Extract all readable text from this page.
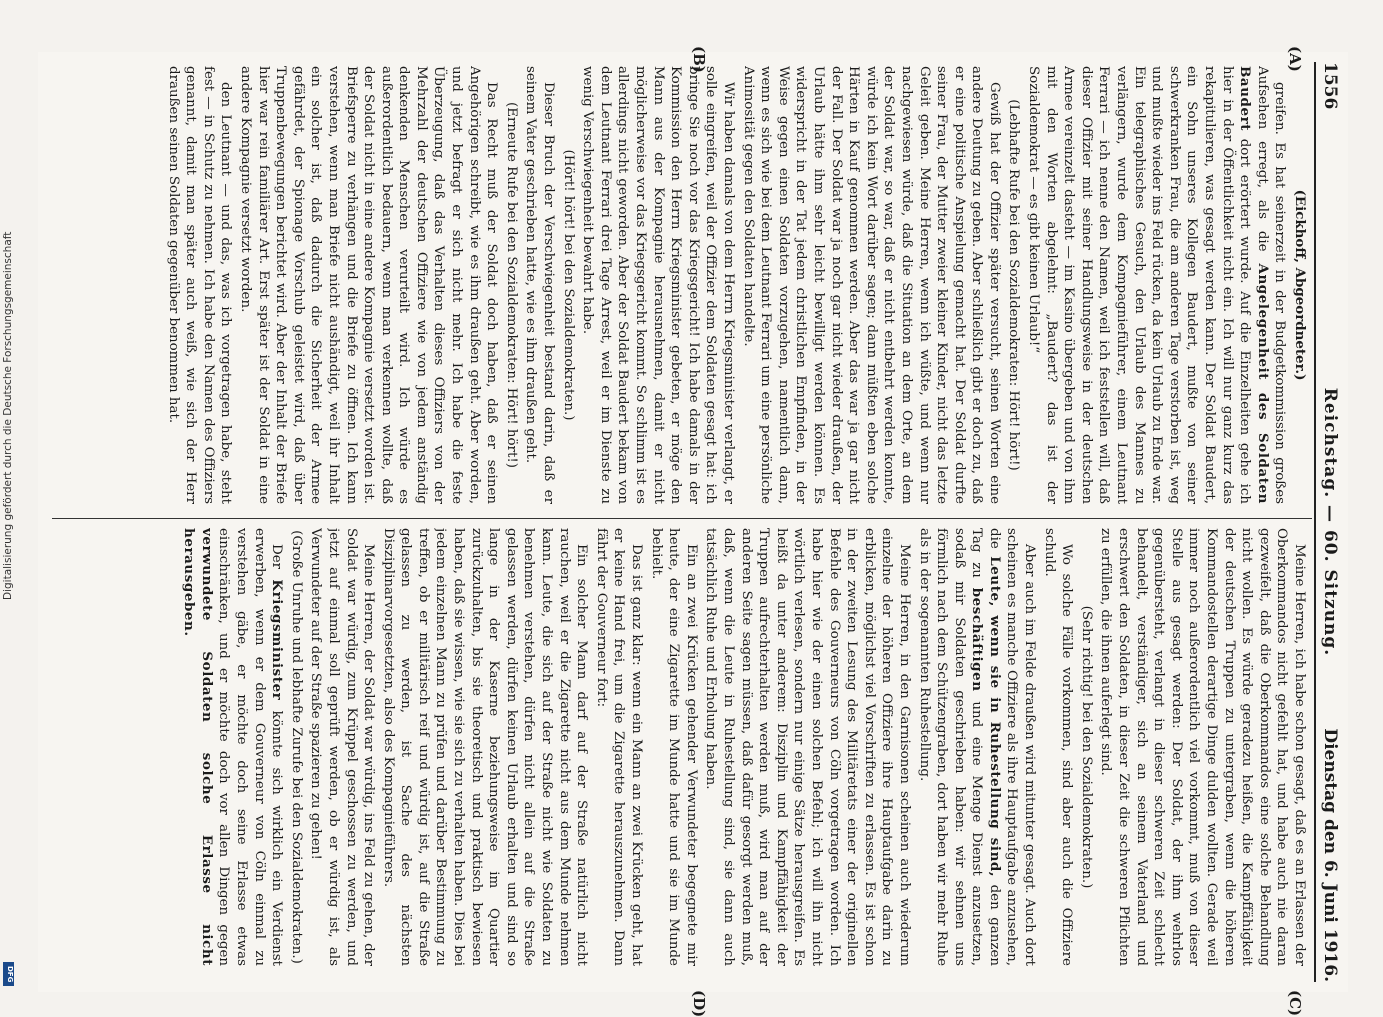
1556
Reichstag. — 60. Sitzung.
Dienstag den 6. Juni 1916.
(A)
(B)
(C)
(D)

(Eickhoff, Abgeordneter.)

greifen. Es hat seinerzeit in der Budgetkommission großes Aufsehen erregt, als die Angelegenheit des Soldaten Baudert dort erörtert wurde. Auf die Einzelheiten gehe ich hier in der Öffentlichkeit nicht ein. Ich will nur ganz kurz das rekapitulieren, was gesagt werden kann. Der Soldat Baudert, ein Sohn unseres Kollegen Baudert, mußte von seiner schwerkranken Frau, die am anderen Tage verstorben ist, weg und mußte wieder ins Feld rücken, da kein Urlaub zu Ende war. Ein telegraphisches Gesuch, den Urlaub des Mannes zu verlängern, wurde dem Kompagnieführer, einem Leutnant Ferrari — ich nenne den Namen, weil ich feststellen will, daß dieser Offizier mit seiner Handlungsweise in der deutschen Armee vereinzelt dasteht — im Kasino übergeben und von ihm mit den Worten abgelehnt: „Baudert? das ist der Sozialdemokrat — es gibt keinen Urlaub!“

(Lebhafte Rufe bei den Sozialdemokraten: Hört! hört!)

Gewiß hat der Offizier später versucht, seinen Worten eine andere Deutung zu geben. Aber schließlich gibt er doch zu, daß er eine politische Anspielung gemacht hat. Der Soldat durfte seiner Frau, der Mutter zweier kleiner Kinder, nicht das letzte Geleit geben. Meine Herren, wenn ich wüßte, und wenn nur nachgewiesen würde, daß die Situation an dem Orte, an dem der Soldat war, so war, daß er nicht entbehrt werden konnte, würde ich kein Wort darüber sagen; dann müßten eben solche Härten in Kauf genommen werden. Aber das war ja gar nicht der Fall. Der Soldat war ja noch gar nicht wieder draußen, der Urlaub hätte ihm sehr leicht bewilligt werden können. Es widerspricht in der Tat jedem christlichen Empfinden, in der Weise gegen einen Soldaten vorzugehen, namentlich dann, wenn es sich wie bei dem Leutnant Ferrari um eine persönliche Animosität gegen den Soldaten handelte.

Wir haben damals von dem Herrn Kriegsminister verlangt, er solle eingreifen, weil der Offizier dem Soldaten gesagt hat: ich bringe Sie noch vor das Kriegsgericht! Ich habe damals in der Kommission den Herrn Kriegsminister gebeten, er möge den Mann aus der Kompagnie herausnehmen, damit er nicht möglicherweise vor das Kriegsgericht kommt. So schlimm ist es allerdings nicht geworden. Aber der Soldat Baudert bekam von dem Leutnant Ferrari drei Tage Arrest, weil er im Dienste zu wenig Verschwiegenheit bewahrt habe.

(Hört! hört! bei den Sozialdemokraten.)

Dieser Bruch der Verschwiegenheit bestand darin, daß er seinem Vater geschrieben hatte, wie es ihm draußen geht.

(Erneute Rufe bei den Sozialdemokraten: Hört! hört!)

Das Recht muß der Soldat doch haben, daß er seinen Angehörigen schreibt, wie es ihm draußen geht. Aber worden, und jetzt befragt er sich nicht mehr. Ich habe die feste Überzeugung, daß das Verhalten dieses Offiziers von der Mehrzahl der deutschen Offiziere wie von jedem anständig denkenden Menschen verurteilt wird. Ich würde es außerordentlich bedauern, wenn man verkennen wollte, daß der Soldat nicht in eine andere Kompagnie versetzt worden ist. Briefsperre zu verhängen und die Briefe zu öffnen. Ich kann verstehen, wenn man Briefe nicht aushändigt, weil ihr Inhalt ein solcher ist, daß dadurch die Sicherheit der Armee gefährdet, der Spionage Vorschub geleistet wird, daß über Truppenbewegungen berichtet wird. Aber der Inhalt der Briefe hier war rein familiärer Art. Erst später ist der Soldat in eine andere Kompagnie versetzt worden.

den Leutnant — und das, was ich vorgetragen habe, steht fest — in Schutz zu nehmen. Ich habe den Namen des Offiziers genannt, damit man später auch weiß, wie sich der Herr draußen seinen Soldaten gegenüber benommen hat.

Meine Herren, ich habe schon gesagt, daß es an Erlassen der Oberkommandos nicht gefehlt hat, und habe auch nie daran gezweifelt, daß die Oberkommandos eine solche Behandlung nicht wollen. Es würde geradezu heißen, die Kampffähigkeit der deutschen Truppen zu untergraben, wenn die höheren Kommandostellen derartige Dinge dulden wollten. Gerade weil immer noch außerordentlich viel vorkommt, muß von dieser Stelle aus gesagt werden: Der Soldat, der ihm wehrlos gegenübersteht, verlangt in dieser schweren Zeit schlecht behandelt, verständiger, sich an seinem Vaterland und erschwert den Soldaten, in dieser Zeit die schweren Pflichten zu erfüllen, die ihnen auferlegt sind.

(Sehr richtig! bei den Sozialdemokraten.)

Wo solche Fälle vorkommen, sind aber auch die Offiziere schuld.

Aber auch im Felde draußen wird mitunter gesagt. Auch dort scheinen es manche Offiziere als ihre Hauptaufgabe anzusehen, die Leute, wenn sie in Ruhestellung sind, den ganzen Tag zu beschäftigen und eine Menge Dienst anzusetzen, sodaß mir Soldaten geschrieben haben: wir sehnen uns förmlich nach dem Schützengraben, dort haben wir mehr Ruhe als in der sogenannten Ruhestellung.

Meine Herren, in den Garnisonen scheinen auch wiederum einzelne der höheren Offiziere ihre Hauptaufgabe darin zu erblicken, möglichst viel Vorschriften zu erlassen. Es ist schon in der zweiten Lesung des Militäretats einer der originellen Befehle des Gouverneurs von Cöln vorgetragen worden. Ich habe hier wie der einen solchen Befehl; ich will ihn nicht wörtlich verlesen, sondern nur einige Sätze herausgreifen. Es heißt da unter anderem: Disziplin und Kampffähigkeit der Truppen aufrechterhalten werden muß, wird man auf der anderen Seite sagen müssen, daß dafür gesorgt werden muß, daß, wenn die Leute in Ruhestellung sind, sie dann auch tatsächlich Ruhe und Erholung haben.

Ein an zwei Krücken gehender Verwundeter begegnete mir heute, der eine Zigarette im Munde hatte und sie im Munde behielt.

Das ist ganz klar: wenn ein Mann an zwei Krücken geht, hat er keine Hand frei, um die Zigarette herauszunehmen. Dann fährt der Gouverneur fort:

Ein solcher Mann darf auf der Straße natürlich nicht rauchen, weil er die Zigarette nicht aus dem Munde nehmen kann. Leute, die sich auf der Straße nicht wie Soldaten zu benehmen verstehen, dürfen nicht allein auf die Straße gelassen werden, dürfen keinen Urlaub erhalten und sind so lange in der Kaserne beziehungsweise im Quartier zurückzuhalten, bis sie theoretisch und praktisch bewiesen haben, daß sie wissen, wie sie sich zu verhalten haben. Dies bei jedem einzelnen Mann zu prüfen und darüber Bestimmung zu treffen, ob er militärisch reif und würdig ist, auf die Straße gelassen zu werden, ist Sache des nächsten Disziplinarvorgesetzten, also des Kompagnieführers.

Meine Herren, der Soldat war würdig, ins Feld zu gehen, der Soldat war würdig, zum Krüppel geschossen zu werden, und jetzt auf einmal soll geprüft werden, ob er würdig ist, als Verwundeter auf der Straße spazieren zu gehen!

(Große Unruhe und lebhafte Zurufe bei den Sozialdemokraten.)

Der Kriegsminister könnte sich wirklich ein Verdienst erwerben, wenn er dem Gouverneur von Cöln einmal zu verstehen gäbe, er möchte doch seine Erlasse etwas einschränken, und er möchte doch vor allen Dingen gegen verwundete Soldaten solche Erlasse nicht herausgeben.

Digitalisierung gefördert durch die Deutsche Forschungsgemeinschaft
DFG
